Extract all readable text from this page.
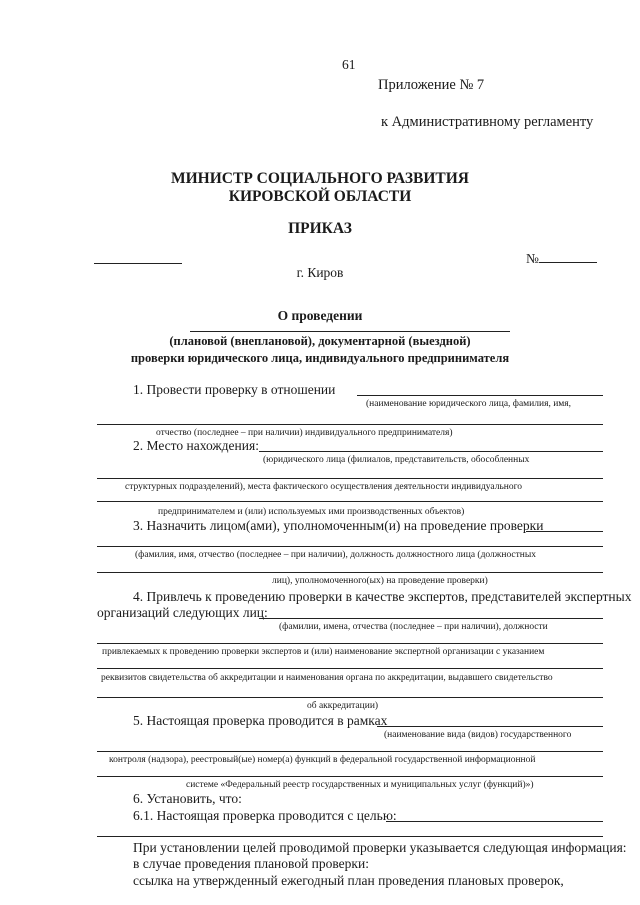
61
Приложение № 7
к Административному регламенту
МИНИСТР СОЦИАЛЬНОГО РАЗВИТИЯ
КИРОВСКОЙ ОБЛАСТИ
ПРИКАЗ
№
г. Киров
О проведении
(плановой (внеплановой), документарной (выездной)
проверки юридического лица, индивидуального предпринимателя
1. Провести проверку в отношении
(наименование юридического лица, фамилия, имя,
отчество (последнее – при наличии) индивидуального предпринимателя)
2. Место нахождения:
(юридического лица (филиалов, представительств, обособленных
структурных подразделений), места фактического осуществления деятельности индивидуального
предпринимателем и (или) используемых ими производственных объектов)
3. Назначить лицом(ами), уполномоченным(и) на проведение проверки
(фамилия, имя, отчество (последнее – при наличии), должность должностного лица (должностных
лиц), уполномоченного(ых) на проведение проверки)
4. Привлечь к проведению проверки в качестве экспертов, представителей экспертных
организаций следующих лиц:
(фамилии, имена, отчества (последнее – при наличии), должности
привлекаемых к проведению проверки экспертов и (или) наименование экспертной организации с указанием
реквизитов свидетельства об аккредитации и наименования органа по аккредитации, выдавшего свидетельство
об аккредитации)
5. Настоящая проверка проводится в рамках
(наименование вида (видов) государственного
контроля (надзора), реестровый(ые) номер(а) функций в федеральной государственной информационной
системе «Федеральный реестр государственных и муниципальных услуг (функций)»)
6. Установить, что:
6.1. Настоящая проверка проводится с целью:
При установлении целей проводимой проверки указывается следующая информация:
в случае проведения плановой проверки:
ссылка на утвержденный ежегодный план проведения плановых проверок,
